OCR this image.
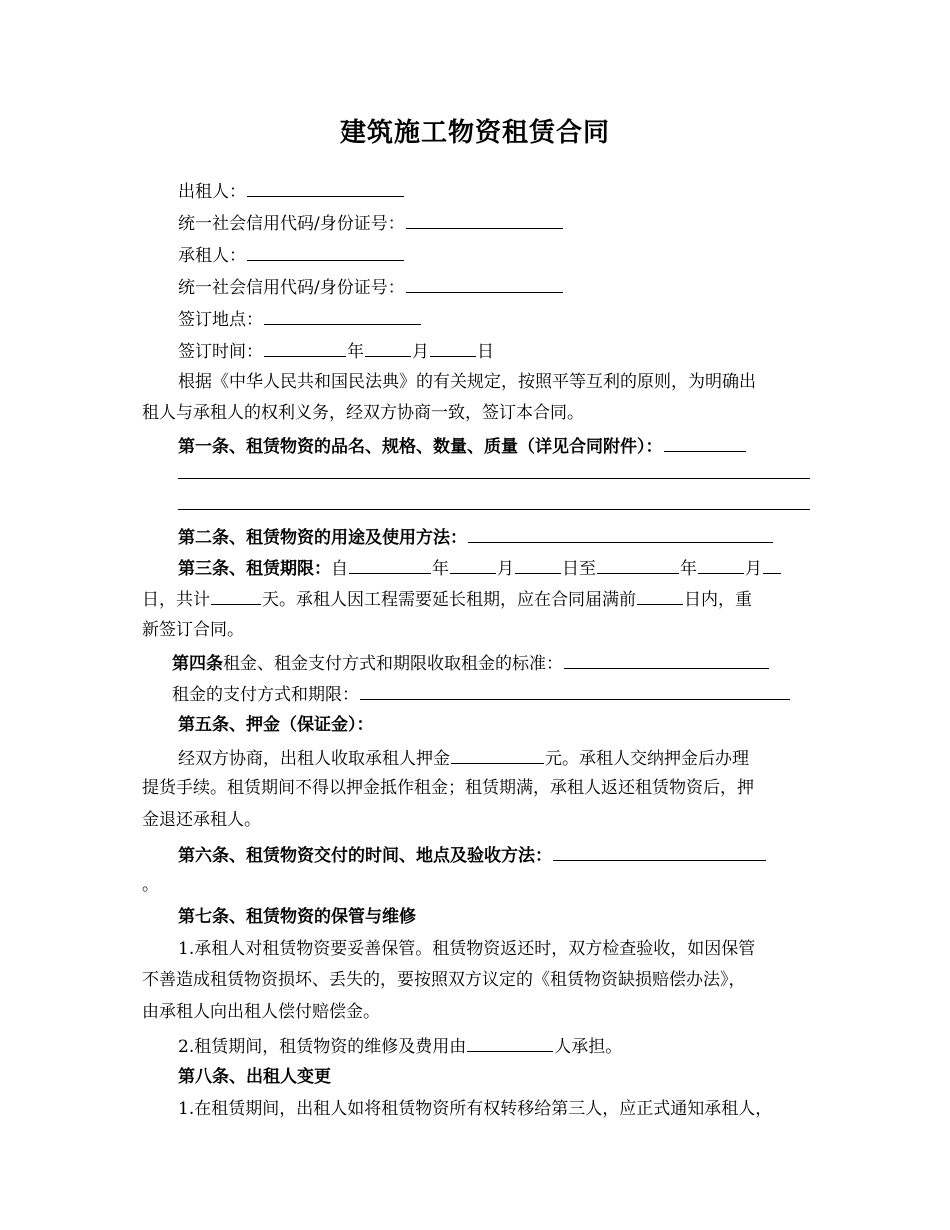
建筑施工物资租赁合同
出租人：
统一社会信用代码/身份证号：
承租人：
统一社会信用代码/身份证号：
签订地点：
签订时间：	年	月	日
根据《中华人民共和国民法典》的有关规定，按照平等互利的原则，为明确出
租人与承租人的权利义务，经双方协商一致，签订本合同。
第一条、租赁物资的品名、规格、数量、质量（详见合同附件）：
第二条、租赁物资的用途及使用方法：
第三条、租赁期限：自	年	月	日至	年	月
日，共计	天。承租人因工程需要延长租期，应在合同届满前	日内，重
新签订合同。
第四条租金、租金支付方式和期限收取租金的标准：
租金的支付方式和期限：
第五条、押金（保证金）：
经双方协商，出租人收取承租人押金	元。承租人交纳押金后办理
提货手续。租赁期间不得以押金抵作租金；租赁期满，承租人返还租赁物资后，押
金退还承租人。
第六条、租赁物资交付的时间、地点及验收方法：
。
第七条、租赁物资的保管与维修
1.承租人对租赁物资要妥善保管。租赁物资返还时，双方检查验收，如因保管
不善造成租赁物资损坏、丢失的，要按照双方议定的《租赁物资缺损赔偿办法》，
由承租人向出租人偿付赔偿金。
2.租赁期间，租赁物资的维修及费用由	人承担。
第八条、出租人变更
1.在租赁期间，出租人如将租赁物资所有权转移给第三人，应正式通知承租人，
